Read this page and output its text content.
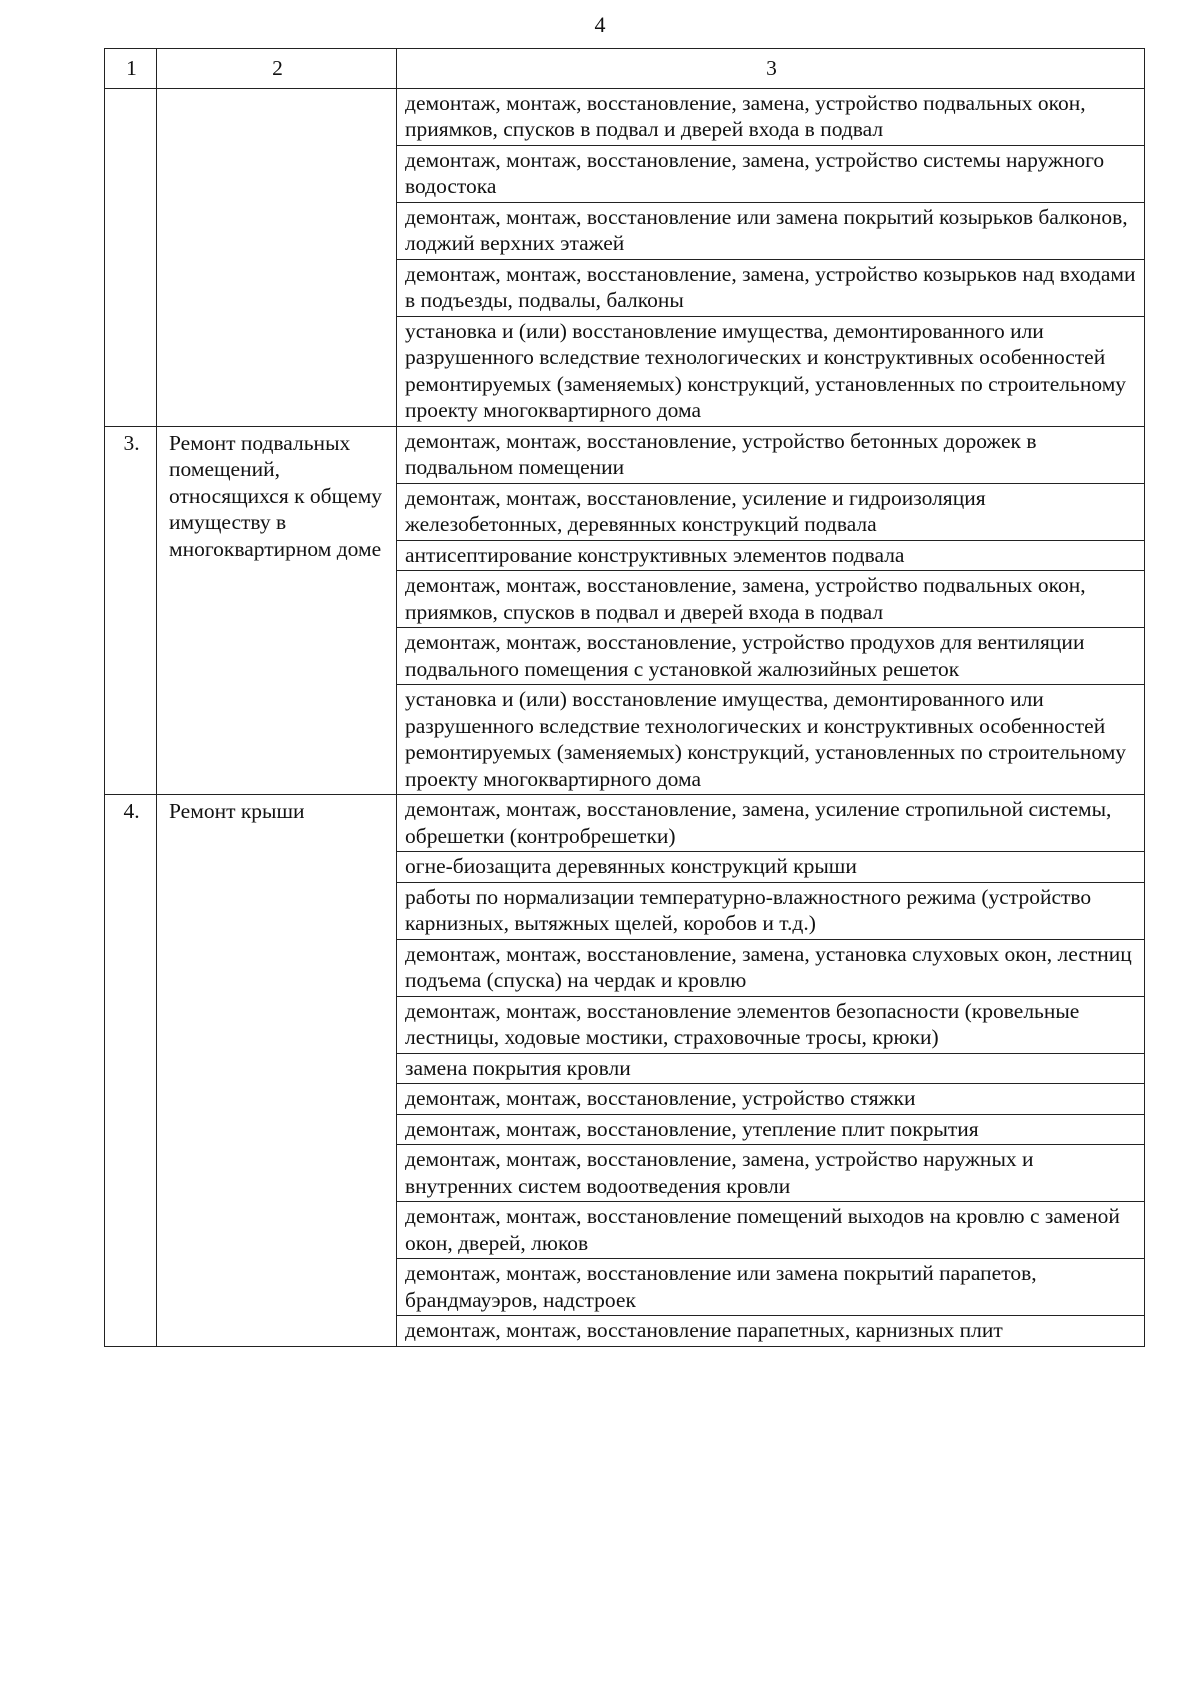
4
1	2	3
		демонтаж, монтаж, восстановление, замена, устройство подвальных окон, приямков, спусков в подвал и дверей входа в подвал
		демонтаж, монтаж, восстановление, замена, устройство системы наружного водостока
		демонтаж, монтаж, восстановление или замена покрытий козырьков балконов, лоджий верхних этажей
		демонтаж, монтаж, восстановление, замена, устройство козырьков над входами в подъезды, подвалы, балконы
		установка и (или) восстановление имущества, демонтированного или разрушенного вследствие технологических и конструктивных особенностей ремонтируемых (заменяемых) конструкций, установленных по строительному проекту многоквартирного дома
3.	Ремонт подвальных помещений, относящихся к общему имуществу в многоквартирном доме	демонтаж, монтаж, восстановление, устройство бетонных дорожек в подвальном помещении
		демонтаж, монтаж, восстановление, усиление и гидроизоляция железобетонных, деревянных конструкций подвала
		антисептирование конструктивных элементов подвала
		демонтаж, монтаж, восстановление, замена, устройство подвальных окон, приямков, спусков в подвал и дверей входа в подвал
		демонтаж, монтаж, восстановление, устройство продухов для вентиляции подвального помещения с установкой жалюзийных решеток
		установка и (или) восстановление имущества, демонтированного или разрушенного вследствие технологических и конструктивных особенностей ремонтируемых (заменяемых) конструкций, установленных по строительному проекту многоквартирного дома
4.	Ремонт крыши	демонтаж, монтаж, восстановление, замена, усиление стропильной системы, обрешетки (контробрешетки)
		огне-биозащита деревянных конструкций крыши
		работы по нормализации температурно-влажностного режима (устройство карнизных, вытяжных щелей, коробов и т.д.)
		демонтаж, монтаж, восстановление, замена, установка слуховых окон, лестниц подъема (спуска) на чердак и кровлю
		демонтаж, монтаж, восстановление элементов безопасности (кровельные лестницы, ходовые мостики, страховочные тросы, крюки)
		замена покрытия кровли
		демонтаж, монтаж, восстановление, устройство стяжки
		демонтаж, монтаж, восстановление, утепление плит покрытия
		демонтаж, монтаж, восстановление, замена, устройство наружных и внутренних систем водоотведения кровли
		демонтаж, монтаж, восстановление помещений выходов на кровлю с заменой окон, дверей, люков
		демонтаж, монтаж, восстановление или замена покрытий парапетов, брандмауэров, надстроек
		демонтаж, монтаж, восстановление парапетных, карнизных плит
